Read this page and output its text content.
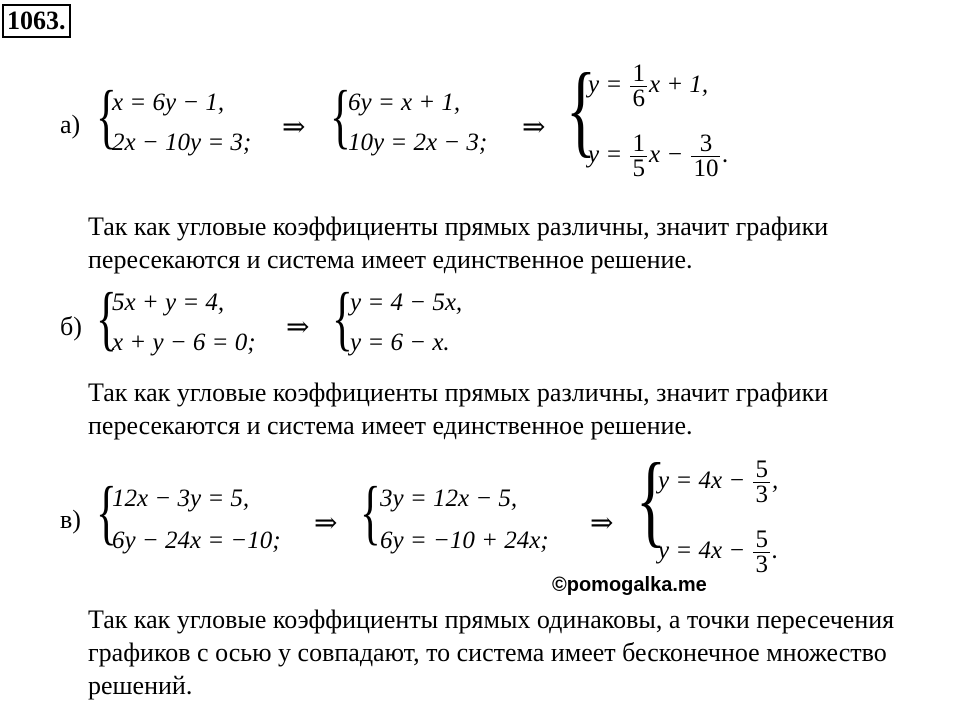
1063.
а) {
x = 6y − 1,
2x − 10y = 3; ⇒ {
6y = x + 1,
10y = 2x − 3; ⇒ {
$y = \frac{1}{6}$ x + 1,
$y = \frac{1}{5}$ $x - \frac{3}{10}$ .
Так как угловые коэффициенты прямых различны, значит графики
пересекаются и система имеет единственное решение.
б) {
5x + y = 4,
x + y − 6 = 0; ⇒ {
y = 4 − 5x,
y = 6 − x.
Так как угловые коэффициенты прямых различны, значит графики
пересекаются и система имеет единственное решение.
в) {
12x − 3y = 5,
6y − 24x = −10;
⇒ { 3y = 12x − 5,
6y = −10 + 24x;
⇒ {
$y = 4x - \frac{5}{3}$ ,
$y = 4x - \frac{5}{3}$ .
©pomogalka.me
Так как угловые коэффициенты прямых одинаковы, а точки пересечения
графиков с осью y совпадают, то система имеет бесконечное множество
решений.
